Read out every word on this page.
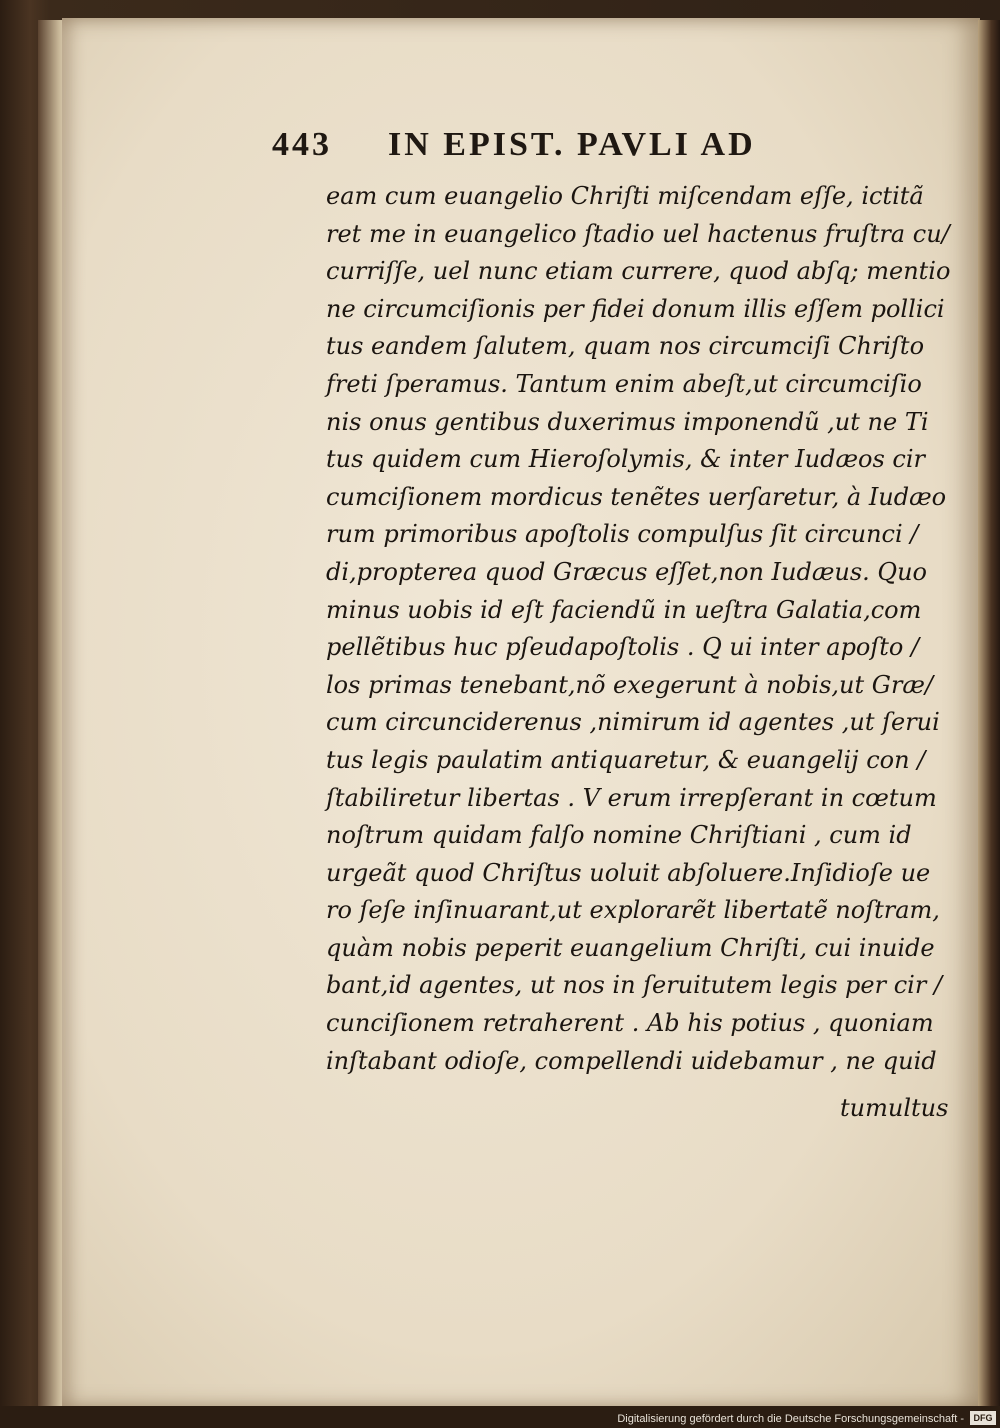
443 IN EPIST. PAVLI AD
eam cum euangelio Chriſti miſcendam eſſe, ictitã
ret me in euangelico ſtadio uel hactenus fruſtra cu/
curriſſe, uel nunc etiam currere, quod abſq; mentio
ne circumciſionis per fidei donum illis eſſem pollici
tus eandem ſalutem, quam nos circumciſi Chriſto
freti ſperamus. Tantum enim abeſt,ut circumciſio
nis onus gentibus duxerimus imponendũ ,ut ne Ti
tus quidem cum Hieroſolymis, & inter Iudæos cir
cumciſionem mordicus tenẽtes uerſaretur, à Iudæo
rum primoribus apoſtolis compulſus ſit circunci /
di,propterea quod Græcus eſſet,non Iudæus. Quo
minus uobis id eſt faciendũ in ueſtra Galatia,com
pellẽtibus huc pſeudapoſtolis . Q ui inter apoſto /
los primas tenebant,nõ exegerunt à nobis,ut Græ/
cum circunciderenus ,nimirum id agentes ,ut ſerui
tus legis paulatim antiquaretur, & euangelij con /
ſtabiliretur libertas . V erum irrepſerant in cœtum
noſtrum quidam falſo nomine Chriſtiani , cum id
urgeãt quod Chriſtus uoluit abſoluere.Inſidioſe ue
ro ſeſe inſinuarant,ut explorarẽt libertatẽ noſtram,
quàm nobis peperit euangelium Chriſti, cui inuide
bant,id agentes, ut nos in ſeruitutem legis per cir /
cunciſionem retraherent . Ab his potius , quoniam
inſtabant odioſe, compellendi uidebamur , ne quid
tumultus
Digitalisierung gefördert durch die Deutsche Forschungsgemeinschaft -	DFG
